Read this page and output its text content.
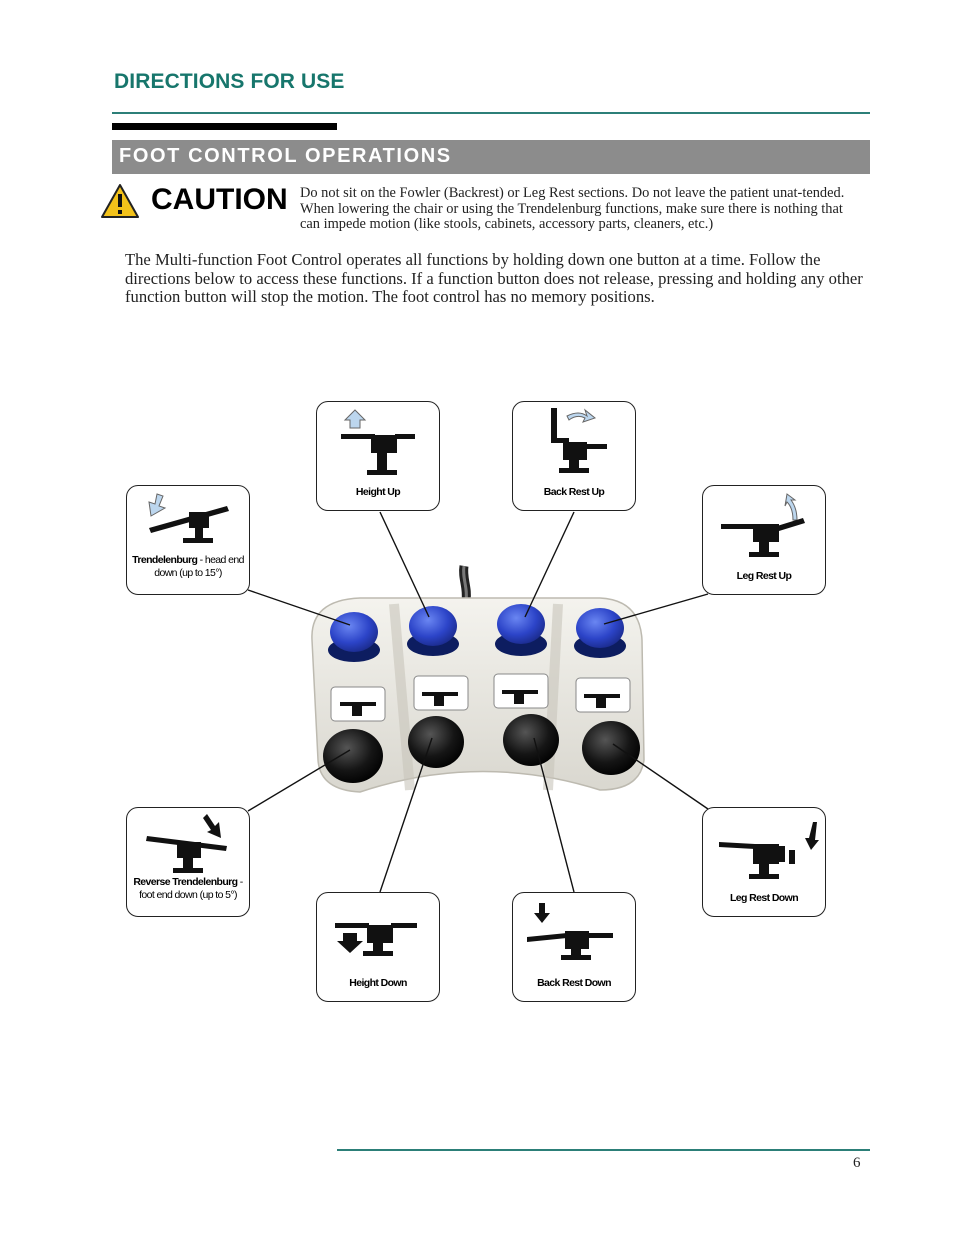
DIRECTIONS FOR USE
FOOT CONTROL OPERATIONS
CAUTION Do not sit on the Fowler (Backrest) or Leg Rest sections. Do not leave the patient unat-tended. When lowering the chair or using the Trendelenburg functions, make sure there is nothing that can impede motion (like stools, cabinets, accessory parts, cleaners, etc.)
The Multi-function Foot Control operates all functions by holding down one button at a time. Follow the directions below to access these functions. If a function button does not release, pressing and holding any other function button will stop the motion. The foot control has no memory positions.
Trendelenburg - head end down (up to 15°)
Height Up	Back Rest Up
Leg Rest Up
Reverse Trendelenburg - foot end down (up to 5°)
Height Down	Back Rest Down
Leg Rest Down
6
